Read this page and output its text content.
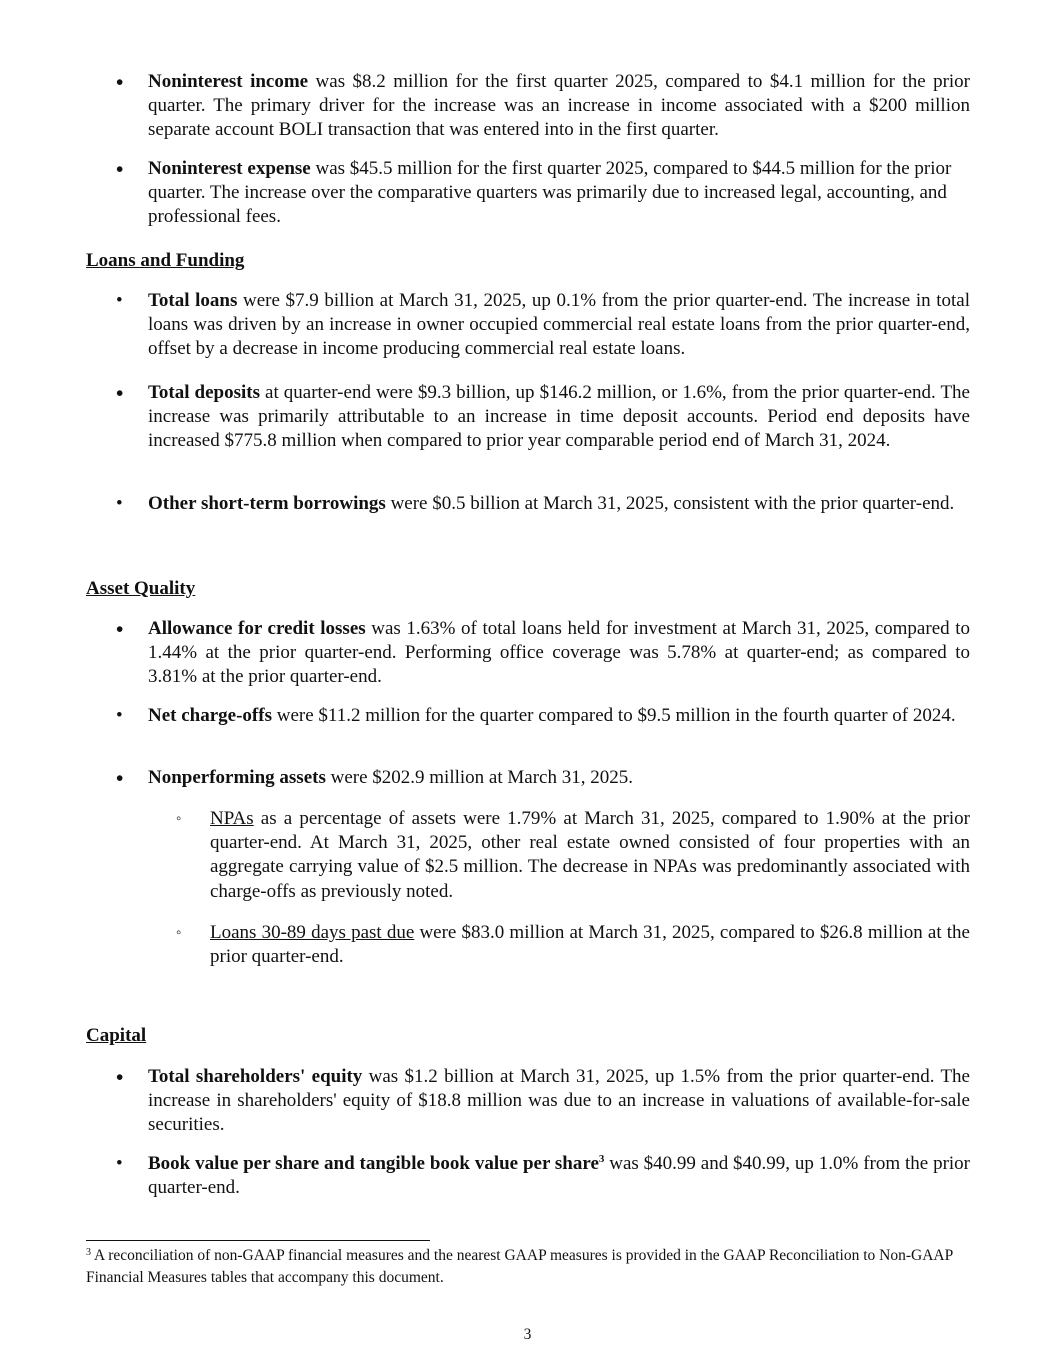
•	Noninterest income was $8.2 million for the first quarter 2025, compared to $4.1 million for the prior quarter. The primary driver for the increase was an increase in income associated with a $200 million separate account BOLI transaction that was entered into in the first quarter.

•	Noninterest expense was $45.5 million for the first quarter 2025, compared to $44.5 million for the prior quarter. The increase over the comparative quarters was primarily due to increased legal, accounting, and professional fees.

Loans and Funding
•	Total loans were $7.9 billion at March 31, 2025, up 0.1% from the prior quarter-end. The increase in total loans was driven by an increase in owner occupied commercial real estate loans from the prior quarter-end, offset by a decrease in income producing commercial real estate loans.

•	Total deposits at quarter-end were $9.3 billion, up $146.2 million, or 1.6%, from the prior quarter-end. The increase was primarily attributable to an increase in time deposit accounts. Period end deposits have increased $775.8 million when compared to prior year comparable period end of March 31, 2024.

•	Other short-term borrowings were $0.5 billion at March 31, 2025, consistent with the prior quarter-end.

Asset Quality
•	Allowance for credit losses was 1.63% of total loans held for investment at March 31, 2025, compared to 1.44% at the prior quarter-end. Performing office coverage was 5.78% at quarter-end; as compared to 3.81% at the prior quarter-end.

•	Net charge-offs were $11.2 million for the quarter compared to $9.5 million in the fourth quarter of 2024.

•	Nonperforming assets were $202.9 million at March 31, 2025.

◦	NPAs as a percentage of assets were 1.79% at March 31, 2025, compared to 1.90% at the prior quarter-end. At March 31, 2025, other real estate owned consisted of four properties with an aggregate carrying value of $2.5 million. The decrease in NPAs was predominantly associated with charge-offs as previously noted.

◦	Loans 30-89 days past due were $83.0 million at March 31, 2025, compared to $26.8 million at the prior quarter-end.

Capital
•	Total shareholders' equity was $1.2 billion at March 31, 2025, up 1.5% from the prior quarter-end. The increase in shareholders' equity of $18.8 million was due to an increase in valuations of available-for-sale securities.

•	Book value per share and tangible book value per share$^3$ was $40.99 and $40.99, up 1.0% from the prior quarter-end.

$^3$ A reconciliation of non-GAAP financial measures and the nearest GAAP measures is provided in the GAAP Reconciliation to Non-GAAP Financial Measures tables that accompany this document.

3
